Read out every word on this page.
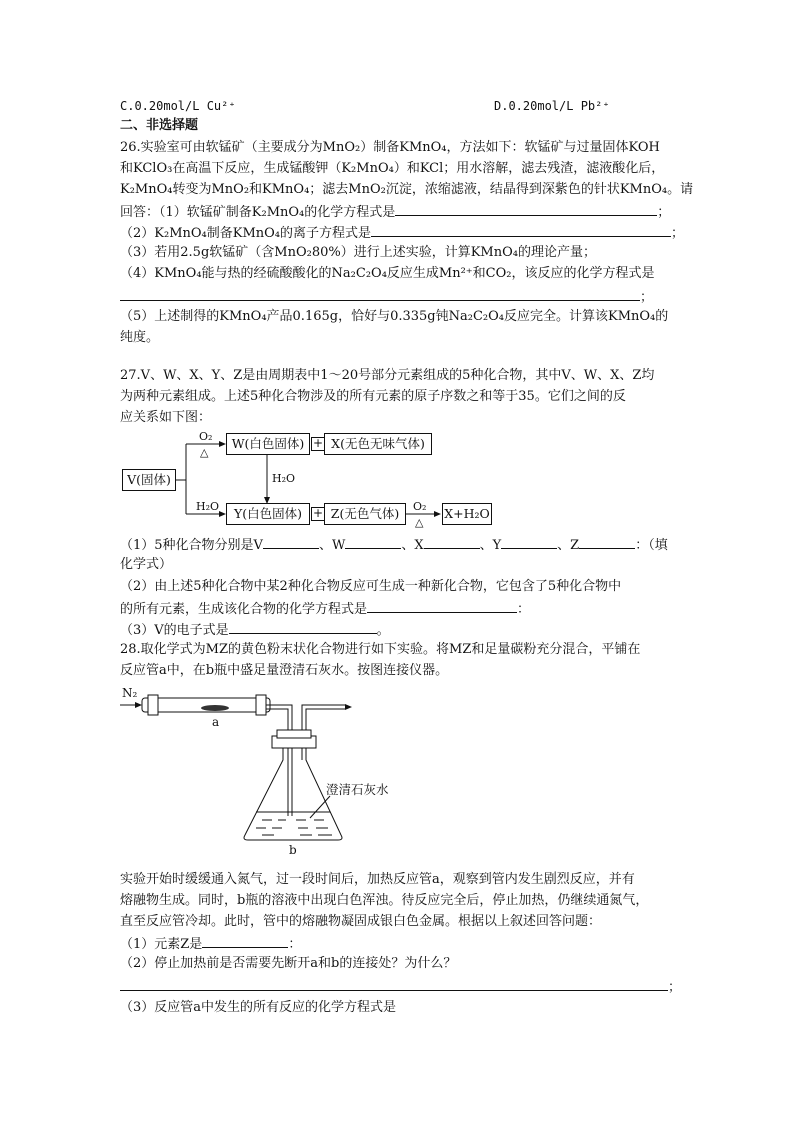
C.0.20mol/L Cu²⁺	D.0.20mol/L Pb²⁺
二、非选择题
26.实验室可由软锰矿（主要成分为MnO₂）制备KMnO₄，方法如下：软锰矿与过量固体KOH
和KClO₃在高温下反应，生成锰酸钾（K₂MnO₄）和KCl；用水溶解，滤去残渣，滤液酸化后，
K₂MnO₄转变为MnO₂和KMnO₄；滤去MnO₂沉淀，浓缩滤液，结晶得到深紫色的针状KMnO₄。请
回答：（1）软锰矿制备K₂MnO₄的化学方程式是	；
（2）K₂MnO₄制备KMnO₄的离子方程式是	；
（3）若用2.5g软锰矿（含MnO₂80%）进行上述实验，计算KMnO₄的理论产量；
（4）KMnO₄能与热的经硫酸酸化的Na₂C₂O₄反应生成Mn²⁺和CO₂，该反应的化学方程式是
；
（5）上述制得的KMnO₄产品0.165g，恰好与0.335g钝Na₂C₂O₄反应完全。计算该KMnO₄的
纯度。
27.V、W、X、Y、Z是由周期表中1～20号部分元素组成的5种化合物，其中V、W、X、Z均
为两种元素组成。上述5种化合物涉及的所有元素的原子序数之和等于35。它们之间的反
应关系如下图：
V(固体)
W(白色固体) + X(无色无味气体)
Y(白色固体) + Z(无色气体)	X+H₂O
O₂
△
H₂O
H₂O
O₂
△
（1）5种化合物分别是V	、W	、X	、Y	、Z	：（填
化学式）
（2）由上述5种化合物中某2种化合物反应可生成一种新化合物，它包含了5种化合物中
的所有元素，生成该化合物的化学方程式是	：
（3）V的电子式是	。
28.取化学式为MZ的黄色粉末状化合物进行如下实验。将MZ和足量碳粉充分混合，平铺在
反应管a中，在b瓶中盛足量澄清石灰水。按图连接仪器。
N₂
a
b
澄清石灰水
实验开始时缓缓通入氮气，过一段时间后，加热反应管a，观察到管内发生剧烈反应，并有
熔融物生成。同时，b瓶的溶液中出现白色浑浊。待反应完全后，停止加热，仍继续通氮气，
直至反应管冷却。此时，管中的熔融物凝固成银白色金属。根据以上叙述回答问题：
（1）元素Z是	：
（2）停止加热前是否需要先断开a和b的连接处？为什么？
；
（3）反应管a中发生的所有反应的化学方程式是
